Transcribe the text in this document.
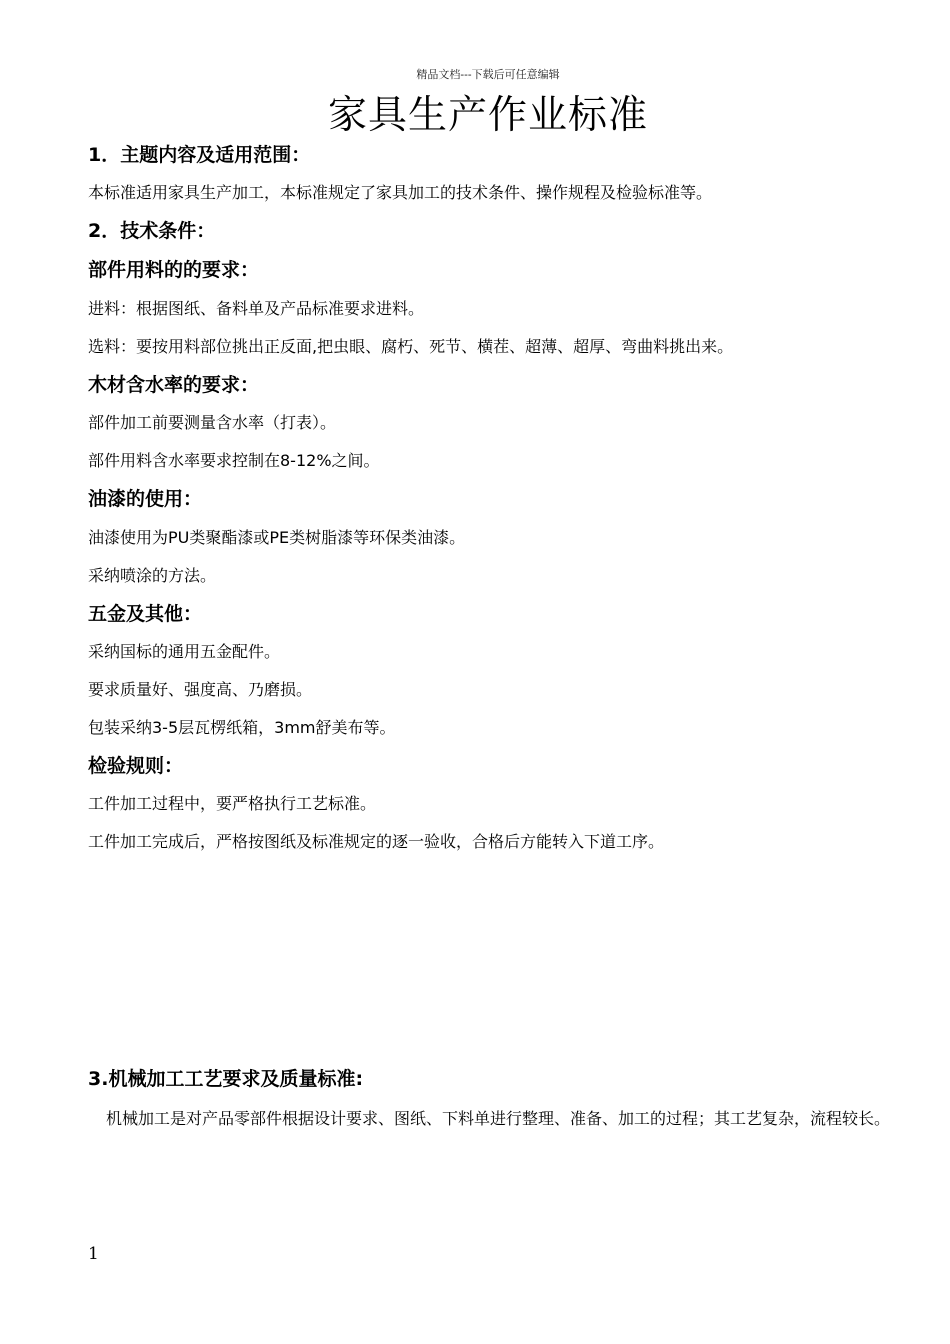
精品文档---下载后可任意编辑
家具生产作业标准
1．主题内容及适用范围：
本标准适用家具生产加工，本标准规定了家具加工的技术条件、操作规程及检验标准等。
2．技术条件：
部件用料的的要求：
进料：根据图纸、备料单及产品标准要求进料。
选料：要按用料部位挑出正反面,把虫眼、腐朽、死节、横茬、超薄、超厚、弯曲料挑出来。
木材含水率的要求：
部件加工前要测量含水率（打表）。
部件用料含水率要求控制在8-12%之间。
油漆的使用：
油漆使用为PU类聚酯漆或PE类树脂漆等环保类油漆。
采纳喷涂的方法。
五金及其他：
采纳国标的通用五金配件。
要求质量好、强度高、乃磨损。
包装采纳3-5层瓦楞纸箱，3mm舒美布等。
检验规则：
工件加工过程中，要严格执行工艺标准。
工件加工完成后，严格按图纸及标准规定的逐一验收，合格后方能转入下道工序。
3.机械加工工艺要求及质量标准:
机械加工是对产品零部件根据设计要求、图纸、下料单进行整理、准备、加工的过程；其工艺复杂，流程较长。
1
